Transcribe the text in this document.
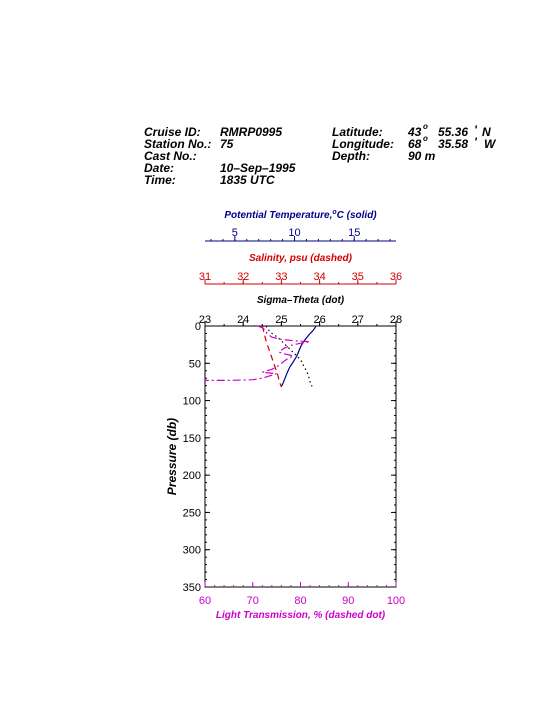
Cruise ID: RMRP0995
Station No.: 75
Cast No.:
Date:	10–Sep–1995
Time:	1835 UTC
Latitude: 43 o 55.36 ' N
Longitude: 68 o 35.58 ' W
Depth:	90 m
Potential Temperature,$^o$C (solid)
Salinity, psu (dashed)
Sigma–Theta (dot)
Light Transmission, % (dashed dot)
Pressure (db)
5	10	15
31 32 33 34 35 36
23 24 25 26 27 28
60	70	80	90	100
0
50
100
150
200
250
300
350
